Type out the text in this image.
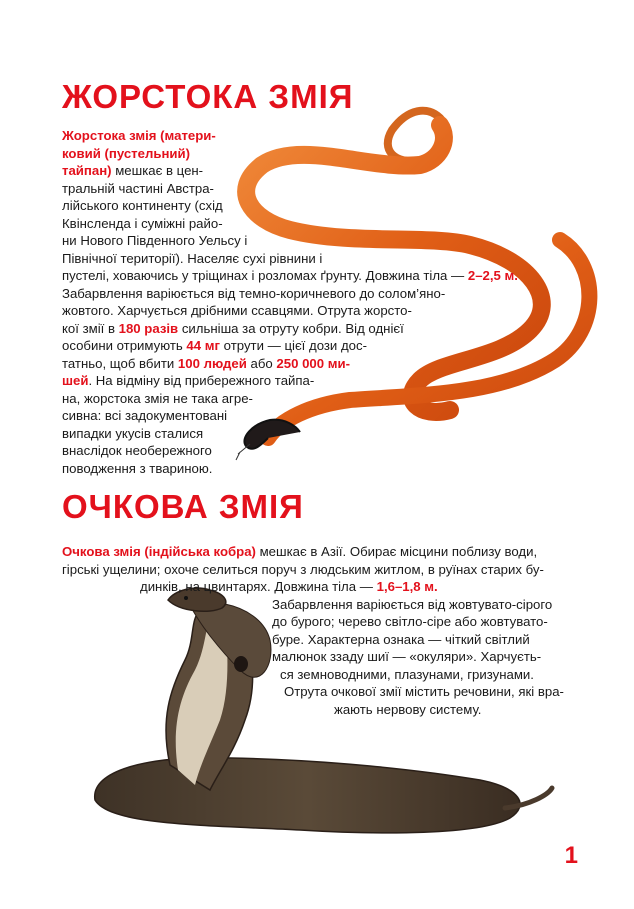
ЖОРСТОКА ЗМІЯ
Жорстока змія (матери-
ковий (пустельний)
тайпан) мешкає в цен-
тральній частині Австра-
лійського континенту (схід
Квінсленда і суміжні райо-
ни Нового Південного Уельсу і
Північної території). Населяє сухі рівнини і
пустелі, ховаючись у тріщинах і розломах ґрунту. Довжина тіла — 2–2,5 м.
Забарвлення варіюється від темно-коричневого до солом’яно-
жовтого. Харчується дрібними ссавцями. Отрута жорсто-
кої змії в 180 разів сильніша за отруту кобри. Від однієї
особини отримують 44 мг отрути — цієї дози дос-
татньо, щоб вбити 100 людей або 250 000 ми-
шей. На відміну від прибережного тайпа-
на, жорстока змія не така агре-
сивна: всі задокументовані
випадки укусів сталися
внаслідок необережного
поводження з твариною.
ОЧКОВА ЗМІЯ
Очкова змія (індійська кобра) мешкає в Азії. Обирає місцини поблизу води,
гірські ущелини; охоче селиться поруч з людським житлом, в руїнах старих бу-
динків, на цвинтарях. Довжина тіла — 1,6–1,8 м.
Забарвлення варіюється від жовтувато-сірого
до бурого; черево світло-сіре або жовтувато-
буре. Характерна ознака — чіткий світлий
малюнок ззаду шиї — «окуляри». Харчуєть-
ся земноводними, плазунами, гризунами.
Отрута очкової змії містить речовини, які вра-
жають нервову систему.
1
